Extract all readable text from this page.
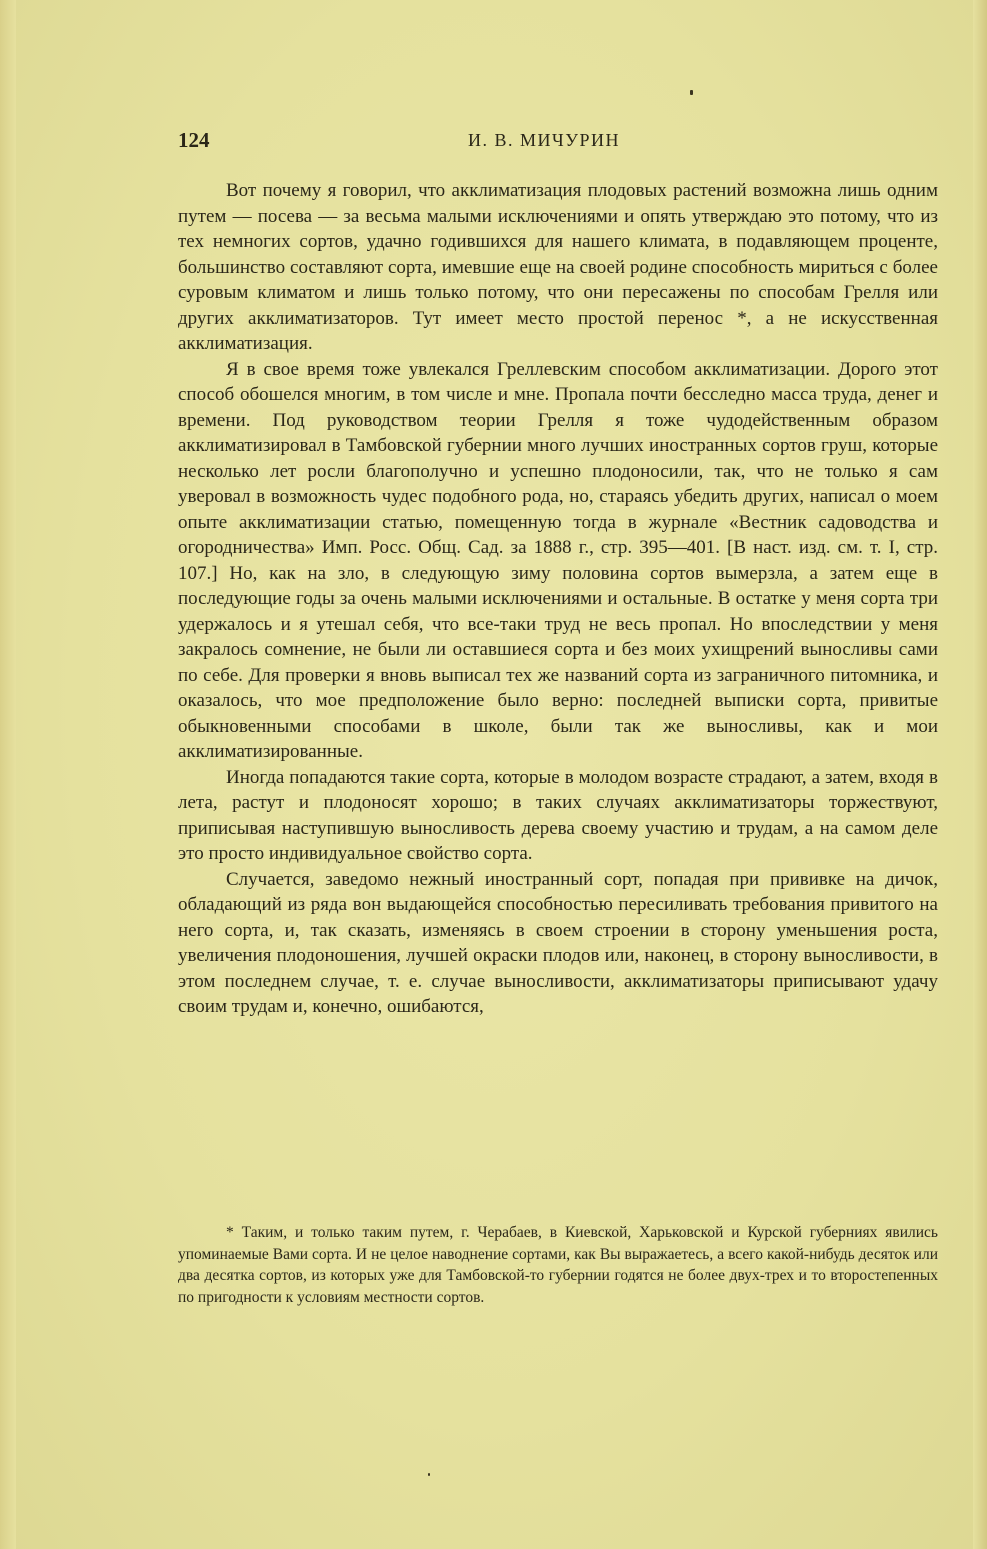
124	И. В. МИЧУРИН

Вот почему я говорил, что акклиматизация плодовых растений возможна лишь одним путем — посева — за весьма малыми исключениями и опять утверждаю это потому, что из тех немногих сортов, удачно годившихся для нашего климата, в подавляющем проценте, большинство составляют сорта, имевшие еще на своей родине способность мириться с более суровым климатом и лишь только потому, что они пересажены по способам Грелля или других акклиматизаторов. Тут имеет место простой перенос *, а не искусственная акклиматизация.

Я в свое время тоже увлекался Греллевским способом акклиматизации. Дорого этот способ обошелся многим, в том числе и мне. Пропала почти бесследно масса труда, денег и времени. Под руководством теории Грелля я тоже чудодейственным образом акклиматизировал в Тамбовской губернии много лучших иностранных сортов груш, которые несколько лет росли благополучно и успешно плодоносили, так, что не только я сам уверовал в возможность чудес подобного рода, но, стараясь убедить других, написал о моем опыте акклиматизации статью, помещенную тогда в журнале «Вестник садоводства и огородничества» Имп. Росс. Общ. Сад. за 1888 г., стр. 395—401. [В наст. изд. см. т. I, стр. 107.] Но, как на зло, в следующую зиму половина сортов вымерзла, а затем еще в последующие годы за очень малыми исключениями и остальные. В остатке у меня сорта три удержалось и я утешал себя, что все-таки труд не весь пропал. Но впоследствии у меня закралось сомнение, не были ли оставшиеся сорта и без моих ухищрений выносливы сами по себе. Для проверки я вновь выписал тех же названий сорта из заграничного питомника, и оказалось, что мое предположение было верно: последней выписки сорта, привитые обыкновенными способами в школе, были так же выносливы, как и мои акклиматизированные.

Иногда попадаются такие сорта, которые в молодом возрасте страдают, а затем, входя в лета, растут и плодоносят хорошо; в таких случаях акклиматизаторы торжествуют, приписывая наступившую выносливость дерева своему участию и трудам, а на самом деле это просто индивидуальное свойство сорта.

Случается, заведомо нежный иностранный сорт, попадая при прививке на дичок, обладающий из ряда вон выдающейся способностью пересиливать требования привитого на него сорта, и, так сказать, изменяясь в своем строении в сторону уменьшения роста, увеличения плодоношения, лучшей окраски плодов или, наконец, в сторону выносливости, в этом последнем случае, т. е. случае выносливости, акклиматизаторы приписывают удачу своим трудам и, конечно, ошибаются,

* Таким, и только таким путем, г. Черабаев, в Киевской, Харьковской и Курской губерниях явились упоминаемые Вами сорта. И не целое наводнение сортами, как Вы выражаетесь, а всего какой-нибудь десяток или два десятка сортов, из которых уже для Тамбовской-то губернии годятся не более двух-трех и то второстепенных по пригодности к условиям местности сортов.
